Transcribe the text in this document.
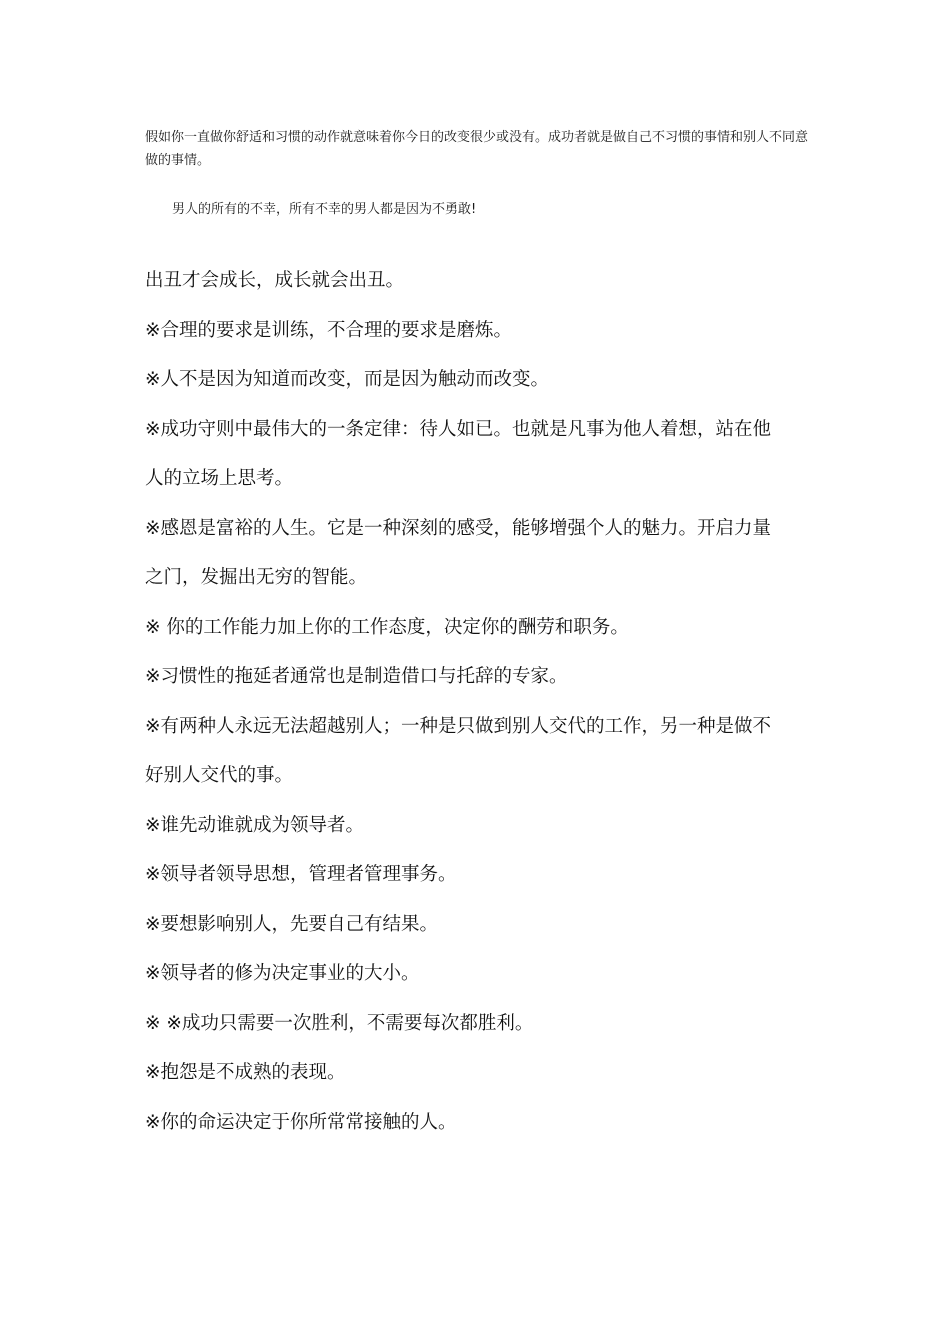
假如你一直做你舒适和习惯的动作就意味着你今日的改变很少或没有。成功者就是做自己不习惯的事情和别人不同意做的事情。
男人的所有的不幸，所有不幸的男人都是因为不勇敢!
出丑才会成长，成长就会出丑。
※合理的要求是训练，不合理的要求是磨炼。
※人不是因为知道而改变，而是因为触动而改变。
※成功守则中最伟大的一条定律：待人如已。也就是凡事为他人着想，站在他
人的立场上思考。
※感恩是富裕的人生。它是一种深刻的感受，能够增强个人的魅力。开启力量
之门，发掘出无穷的智能。
※ 你的工作能力加上你的工作态度，决定你的酬劳和职务。
※习惯性的拖延者通常也是制造借口与托辞的专家。
※有两种人永远无法超越别人；一种是只做到别人交代的工作，另一种是做不
好别人交代的事。
※谁先动谁就成为领导者。
※领导者领导思想，管理者管理事务。
※要想影响别人，先要自己有结果。
※领导者的修为决定事业的大小。
※ ※成功只需要一次胜利，不需要每次都胜利。
※抱怨是不成熟的表现。
※你的命运决定于你所常常接触的人。
